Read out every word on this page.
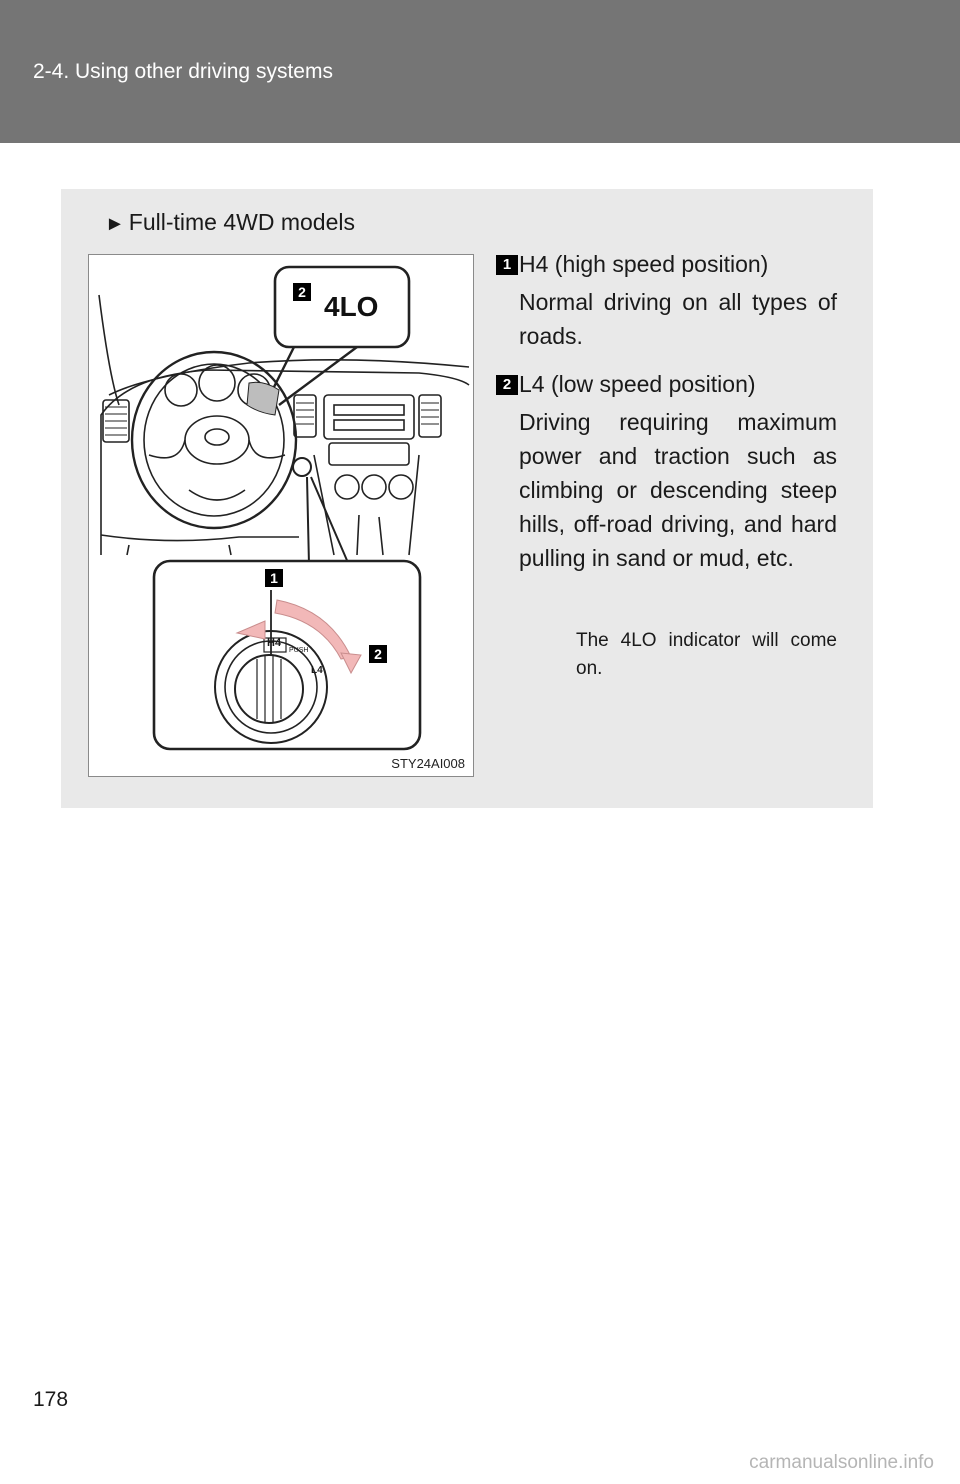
2-4. Using other driving systems
► Full-time 4WD models
4LO
2
1
2
H4
L4
PUSH
STY24AI008
1 H4 (high speed position)
Normal driving on all types of roads.
2 L4 (low speed position)
Driving requiring maximum power and traction such as climbing or descending steep hills, off-road driving, and hard pulling in sand or mud, etc.
The 4LO indicator will come on.
178
carmanualsonline.info
